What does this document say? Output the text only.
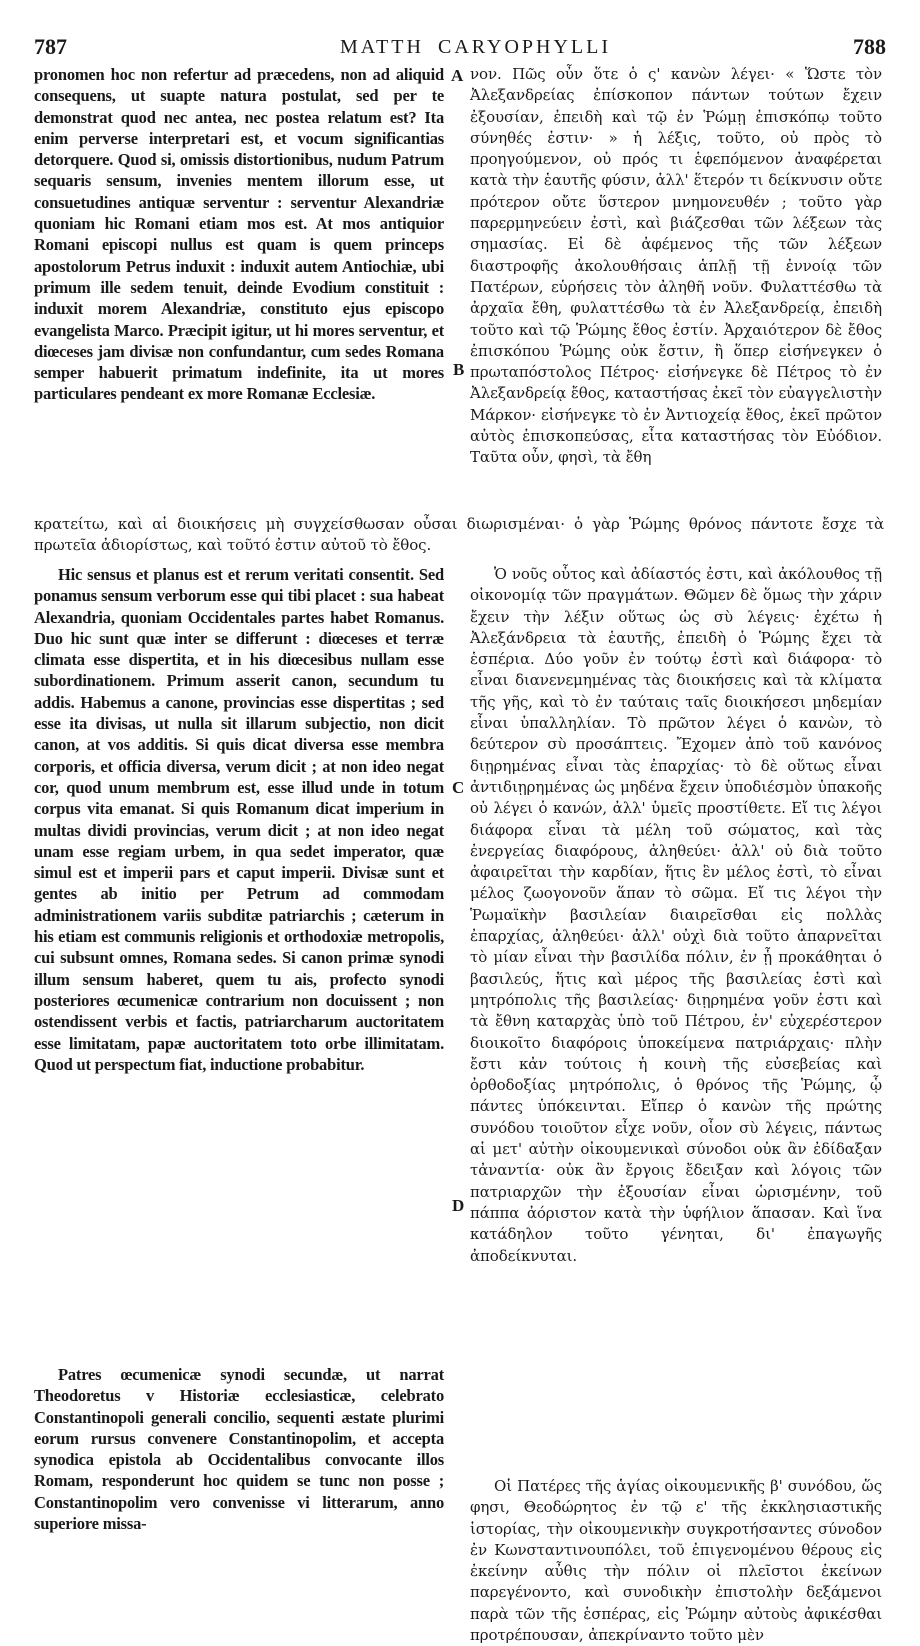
787	MATTH CARYOPHYLLI	788

pronomen hoc non refertur ad præcedens, non ad aliquid consequens, ut suapte natura postulat, sed per te demonstrat quod nec antea, nec postea relatum est? Ita enim perverse interpretari est, et vocum significantias detorquere. Quod si, omissis distortionibus, nudum Patrum sequaris sensum, invenies mentem illorum esse, ut consuetudines antiquæ serventur : serventur Alexandriæ quoniam hic Romani etiam mos est. At mos antiquior Romani episcopi nullus est quam is quem princeps apostolorum Petrus induxit : induxit autem Antiochiæ, ubi primum ille sedem tenuit, deinde Evodium constituit : induxit morem Alexandriæ, constituto ejus episcopo evangelista Marco. Præcipit igitur, ut hi mores serventur, et diœceses jam divisæ non confundantur, cum sedes Romana semper habuerit primatum indefinite, ita ut mores particulares pendeant ex more Romanæ Ecclesiæ.

νον. Πῶς οὖν ὅτε ὁ ς' κανὼν λέγει· « Ὥστε τὸν Ἀλεξανδρείας ἐπίσκοπον πάντων τούτων ἔχειν ἐξουσίαν, ἐπειδὴ καὶ τῷ ἐν Ῥώμῃ ἐπισκόπῳ τοῦτο σύνηθές ἐστιν· » ἡ λέξις, τοῦτο, οὐ πρὸς τὸ προηγούμενον, οὐ πρός τι ἑφεπόμενον ἀναφέρεται κατὰ τὴν ἑαυτῆς φύσιν, ἀλλ' ἕτερόν τι δείκνυσιν οὔτε πρότερον οὔτε ὕστερον μνημονευθέν ; τοῦτο γὰρ παρερμηνεύειν ἐστὶ, καὶ βιάζεσθαι τῶν λέξεων τὰς σημασίας. Εἰ δὲ ἀφέμενος τῆς τῶν λέξεων διαστροφῆς ἀκολουθήσαις ἁπλῇ τῇ ἐννοίᾳ τῶν Πατέρων, εὑρήσεις τὸν ἀληθῆ νοῦν. Φυλαττέσθω τὰ ἀρχαῖα ἔθη, φυλαττέσθω τὰ ἐν Ἀλεξανδρείᾳ, ἐπειδὴ τοῦτο καὶ τῷ Ῥώμης ἔθος ἐστίν. Ἀρχαιότερον δὲ ἔθος ἐπισκόπου Ῥώμης οὐκ ἔστιν, ἢ ὅπερ εἰσήνεγκεν ὁ πρωταπόστολος Πέτρος· εἰσήνεγκε δὲ Πέτρος τὸ ἐν Ἀλεξανδρείᾳ ἔθος, καταστήσας ἐκεῖ τὸν εὐαγγελιστὴν Μάρκον· εἰσήνεγκε τὸ ἐν Ἀντιοχείᾳ ἔθος, ἐκεῖ πρῶτον αὐτὸς ἐπισκοπεύσας, εἶτα καταστήσας τὸν Εὐόδιον. Ταῦτα οὖν, φησὶ, τὰ ἔθη

κρατείτω, καὶ αἱ διοικήσεις μὴ συγχείσθωσαν οὖσαι διωρισμέναι· ὁ γὰρ Ῥώμης θρόνος πάντοτε ἔσχε τὰ πρωτεῖα ἀδιορίστως, καὶ τοῦτό ἐστιν αὐτοῦ τὸ ἔθος.

Hic sensus et planus est et rerum veritati consentit. Sed ponamus sensum verborum esse qui tibi placet : sua habeat Alexandria, quoniam Occidentales partes habet Romanus. Duo hic sunt quæ inter se differunt : diœceses et terræ climata esse dispertita, et in his diœcesibus nullam esse subordinationem. Primum asserit canon, secundum tu addis. Habemus a canone, provincias esse dispertitas ; sed esse ita divisas, ut nulla sit illarum subjectio, non dicit canon, at vos additis. Si quis dicat diversa esse membra corporis, et officia diversa, verum dicit ; at non ideo negat cor, quod unum membrum est, esse illud unde in totum corpus vita emanat. Si quis Romanum dicat imperium in multas dividi provincias, verum dicit ; at non ideo negat unam esse regiam urbem, in qua sedet imperator, quæ simul est et imperii pars et caput imperii. Divisæ sunt et gentes ab initio per Petrum ad commodam administrationem variis subditæ patriarchis ; cæterum in his etiam est communis religionis et orthodoxiæ metropolis, cui subsunt omnes, Romana sedes. Si canon primæ synodi illum sensum haberet, quem tu ais, profecto synodi posteriores œcumenicæ contrarium non docuissent ; non ostendissent verbis et factis, patriarcharum auctoritatem esse limitatam, papæ auctoritatem toto orbe illimitatam. Quod ut perspectum fiat, inductione probabitur.

Ὁ νοῦς οὗτος καὶ ἀδίαστός ἐστι, καὶ ἀκόλουθος τῇ οἰκονομίᾳ τῶν πραγμάτων. Θῶμεν δὲ ὅμως τὴν χάριν ἔχειν τὴν λέξιν οὕτως ὡς σὺ λέγεις· ἐχέτω ἡ Ἀλεξάνδρεια τὰ ἑαυτῆς, ἐπειδὴ ὁ Ῥώμης ἔχει τὰ ἑσπέρια. Δύο γοῦν ἐν τούτῳ ἐστὶ καὶ διάφορα· τὸ εἶναι διανενεμημένας τὰς διοικήσεις καὶ τὰ κλίματα τῆς γῆς, καὶ τὸ ἐν ταύταις ταῖς διοικήσεσι μηδεμίαν εἶναι ὑπαλληλίαν. Τὸ πρῶτον λέγει ὁ κανὼν, τὸ δεύτερον σὺ προσάπτεις. Ἔχομεν ἀπὸ τοῦ κανόνος διῃρημένας εἶναι τὰς ἐπαρχίας· τὸ δὲ οὕτως εἶναι ἀντιδιῃρημένας ὡς μηδένα ἔχειν ὑποδιέσμὸν ὑπακοῆς οὐ λέγει ὁ κανών, ἀλλ' ὑμεῖς προστίθετε. Εἴ τις λέγοι διάφορα εἶναι τὰ μέλη τοῦ σώματος, καὶ τὰς ἐνεργείας διαφόρους, ἀληθεύει· ἀλλ' οὐ διὰ τοῦτο ἀφαιρεῖται τὴν καρδίαν, ἥτις ἓν μέλος ἐστὶ, τὸ εἶναι μέλος ζωογονοῦν ἅπαν τὸ σῶμα. Εἴ τις λέγοι τὴν Ῥωμαϊκὴν βασιλείαν διαιρεῖσθαι εἰς πολλὰς ἐπαρχίας, ἀληθεύει· ἀλλ' οὐχὶ διὰ τοῦτο ἀπαρνεῖται τὸ μίαν εἶναι τὴν βασιλίδα πόλιν, ἐν ᾗ προκάθηται ὁ βασιλεύς, ἥτις καὶ μέρος τῆς βασιλείας ἐστὶ καὶ μητρόπολις τῆς βασιλείας· διῃρημένα γοῦν ἐστι καὶ τὰ ἔθνη καταρχὰς ὑπὸ τοῦ Πέτρου, ἐν' εὐχερέστερον διοικοῖτο διαφόροις ὑποκείμενα πατριάρχαις· πλὴν ἔστι κἀν τούτοις ἡ κοινὴ τῆς εὐσεβείας καὶ ὀρθοδοξίας μητρόπολις, ὁ θρόνος τῆς Ῥώμης, ᾧ πάντες ὑπόκεινται. Εἴπερ ὁ κανὼν τῆς πρώτης συνόδου τοιοῦτον εἶχε νοῦν, οἷον σὺ λέγεις, πάντως αἱ μετ' αὐτὴν οἰκουμενικαὶ σύνοδοι οὐκ ἂν ἐδίδαξαν τἀναντία· οὐκ ἂν ἔργοις ἔδειξαν καὶ λόγοις τῶν πατριαρχῶν τὴν ἐξουσίαν εἶναι ὡρισμένην, τοῦ πάππα ἀόριστον κατὰ τὴν ὑφήλιον ἅπασαν. Καὶ ἵνα κατάδηλον τοῦτο γένηται, δι' ἐπαγωγῆς ἀποδείκνυται.

Patres œcumenicæ synodi secundæ, ut narrat Theodoretus v Historiæ ecclesiasticæ, celebrato Constantinopoli generali concilio, sequenti æstate plurimi eorum rursus convenere Constantinopolim, et accepta synodica epistola ab Occidentalibus convocante illos Romam, responderunt hoc quidem se tunc non posse ; Constantinopolim vero convenisse vi litterarum, anno superiore missa-

Οἱ Πατέρες τῆς ἁγίας οἰκουμενικῆς β' συνόδου, ὥς φησι, Θεοδώρητος ἐν τῷ ε' τῆς ἐκκλησιαστικῆς ἱστορίας, τὴν οἰκουμενικὴν συγκροτήσαντες σύνοδον ἐν Κωνσταντινουπόλει, τοῦ ἐπιγενομένου θέρους εἰς ἐκείνην αὖθις τὴν πόλιν οἱ πλεῖστοι ἐκείνων παρεγένοντο, καὶ συνοδικὴν ἐπιστολὴν δεξάμενοι παρὰ τῶν τῆς ἑσπέρας, εἰς Ῥώμην αὐτοὺς ἀφικέσθαι προτρέπουσαν, ἀπεκρίναντο τοῦτο μὲν

A
B
C
D
